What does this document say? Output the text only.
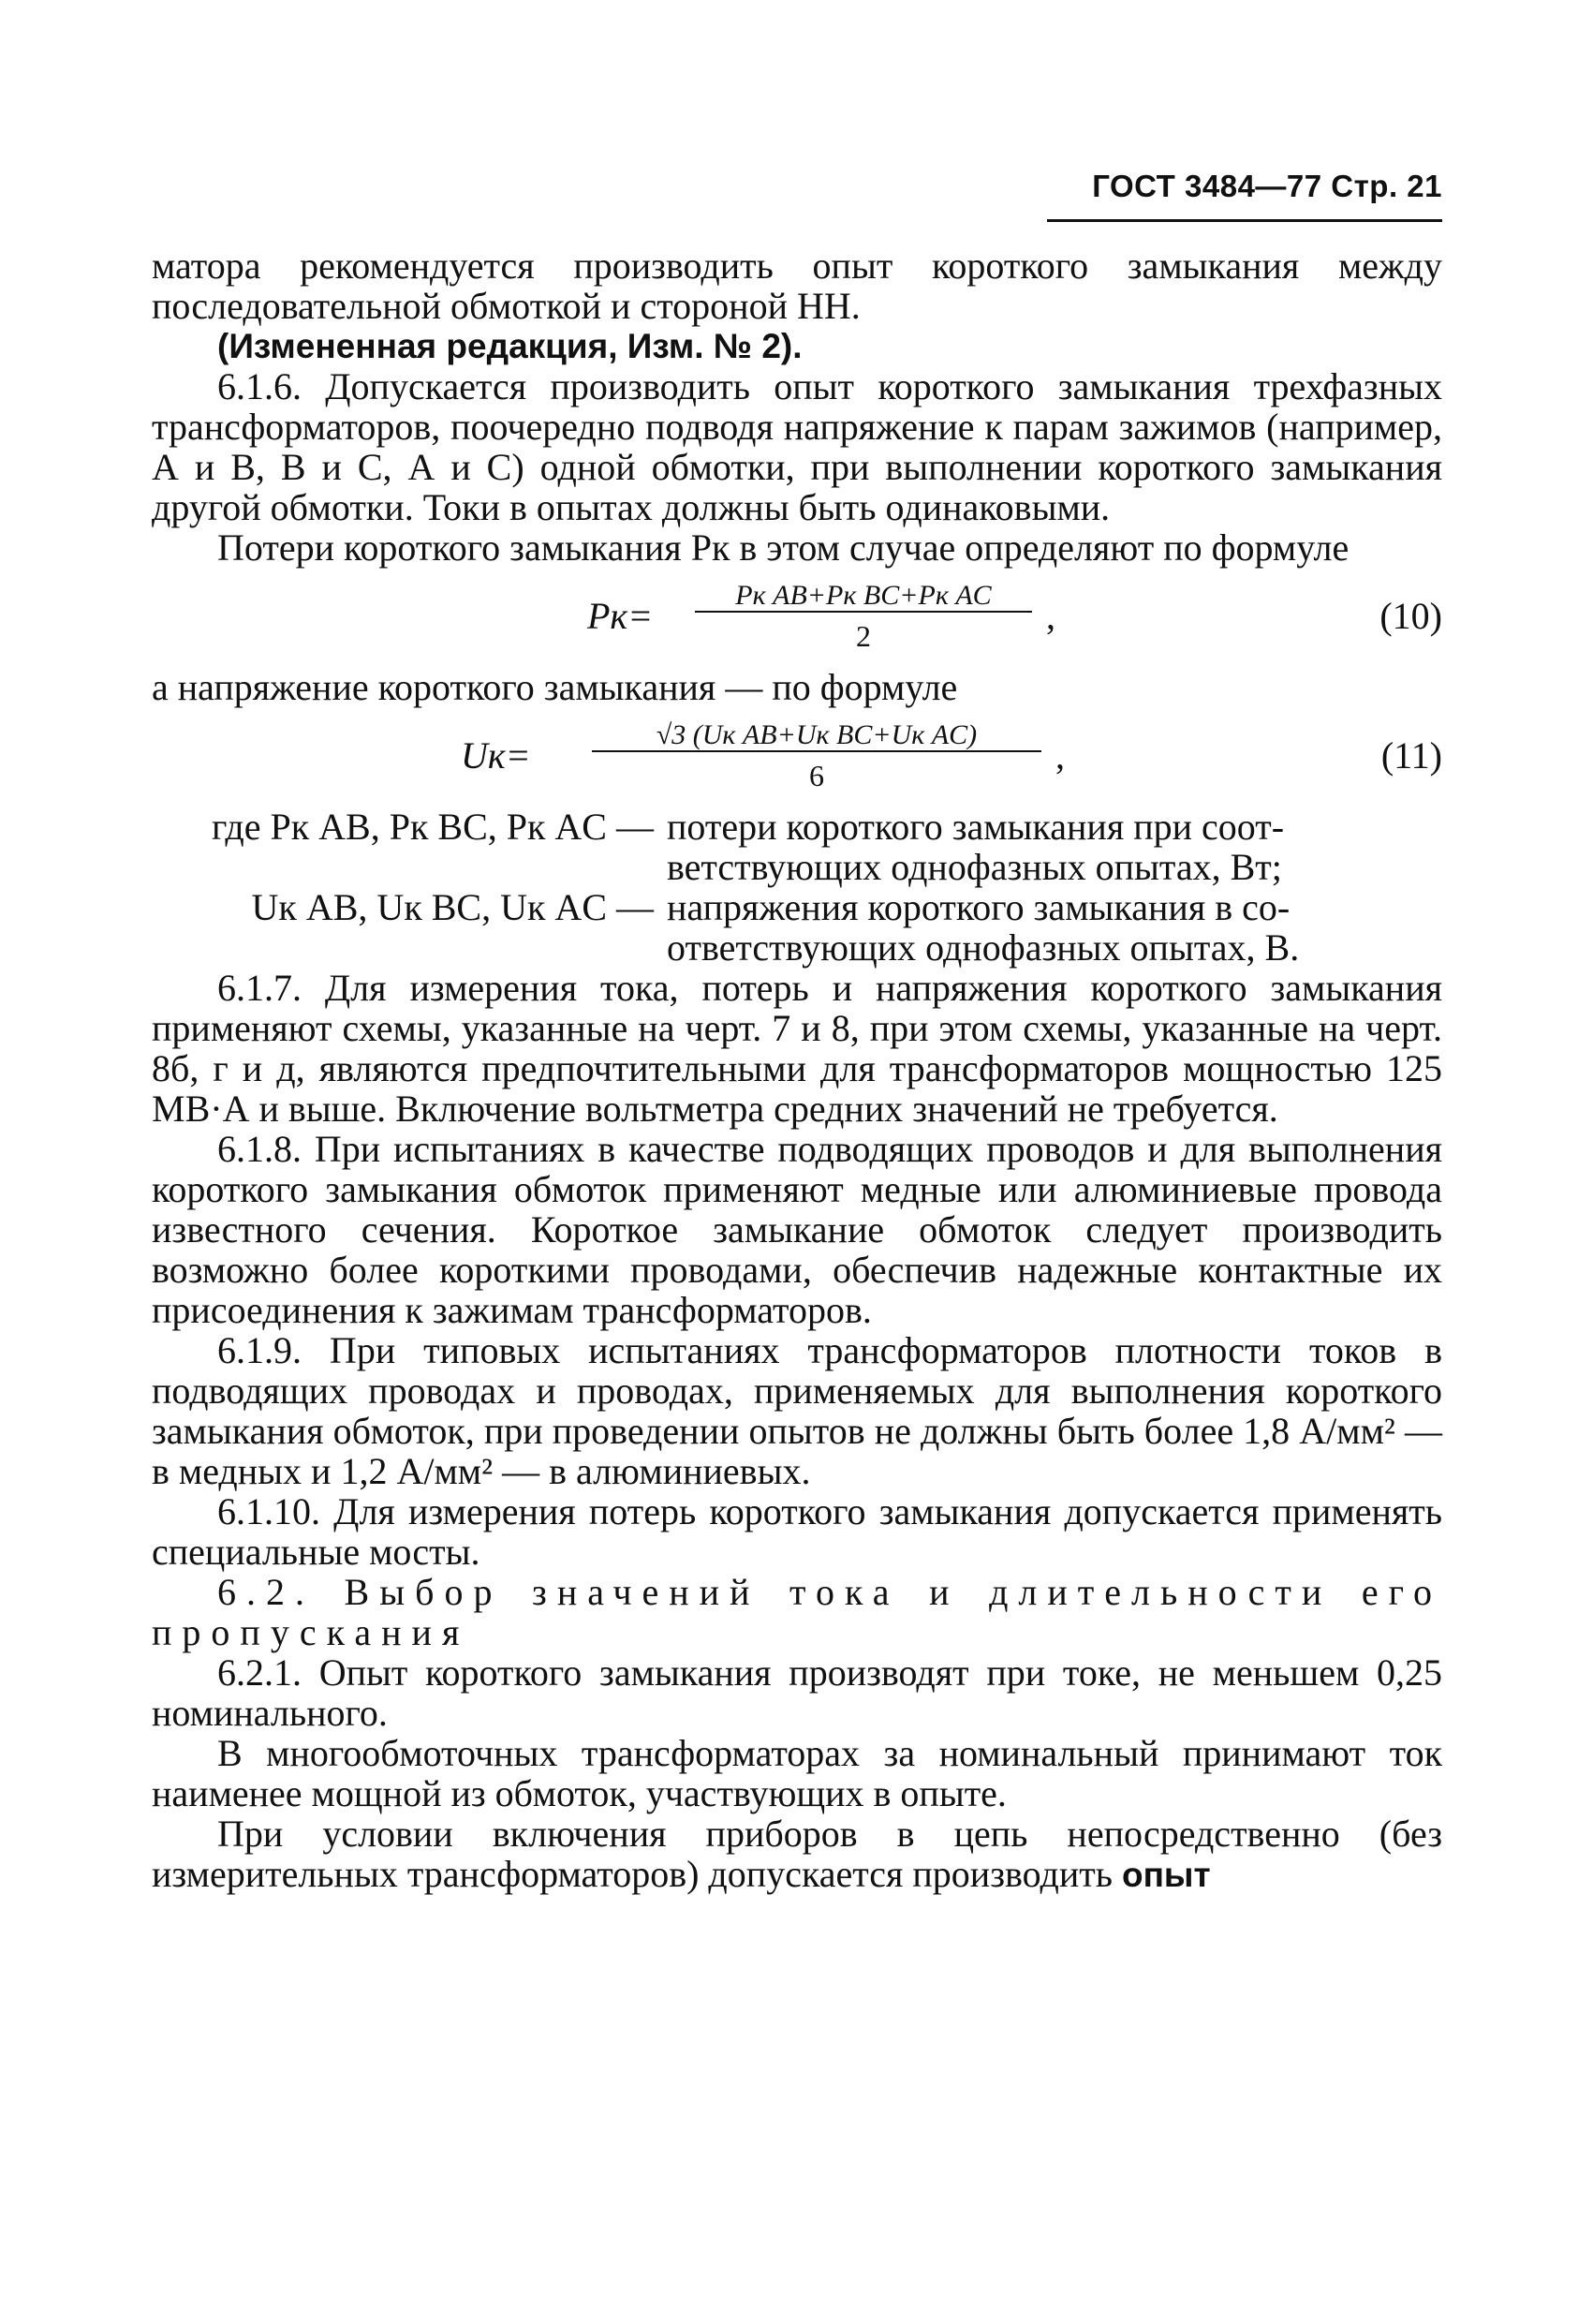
ГОСТ 3484—77 Стр. 21

матора рекомендуется производить опыт короткого замыкания между последовательной обмоткой и стороной НН.

(Измененная редакция, Изм. № 2).

6.1.6. Допускается производить опыт короткого замыкания трехфазных трансформаторов, поочередно подводя напряжение к парам зажимов (например, А и В, В и С, А и С) одной обмотки, при выполнении короткого замыкания другой обмотки. Токи в опытах должны быть одинаковыми.

Потери короткого замыкания Pк в этом случае определяют по формуле

Pк=	Pк AB+Pк BC+Pк AC
2	,	(10)

а напряжение короткого замыкания — по формуле

Uк=	√3 (Uк AB+Uк BC+Uк AC)
6	,	(11)
где Pк AB, Pк BC, Pк AC — потери короткого замыкания при соот-
ветствующих однофазных опытах, Вт;
Uк AB, Uк BC, Uк AC — напряжения короткого замыкания в со-
ответствующих однофазных опытах, В.

6.1.7. Для измерения тока, потерь и напряжения короткого замыкания применяют схемы, указанные на черт. 7 и 8, при этом схемы, указанные на черт. 8б, г и д, являются предпочтительными для трансформаторов мощностью 125 МВ·А и выше. Включение вольтметра средних значений не требуется.

6.1.8. При испытаниях в качестве подводящих проводов и для выполнения короткого замыкания обмоток применяют медные или алюминиевые провода известного сечения. Короткое замыкание обмоток следует производить возможно более короткими проводами, обеспечив надежные контактные их присоединения к зажимам трансформаторов.

6.1.9. При типовых испытаниях трансформаторов плотности токов в подводящих проводах и проводах, применяемых для выполнения короткого замыкания обмоток, при проведении опытов не должны быть более 1,8 А/мм² — в медных и 1,2 А/мм² — в алюминиевых.

6.1.10. Для измерения потерь короткого замыкания допускается применять специальные мосты.

6.2. Выбор значений тока и длительности его пропускания

6.2.1. Опыт короткого замыкания производят при токе, не меньшем 0,25 номинального.

В многообмоточных трансформаторах за номинальный принимают ток наименее мощной из обмоток, участвующих в опыте.

При условии включения приборов в цепь непосредственно (без измерительных трансформаторов) допускается производить опыт
